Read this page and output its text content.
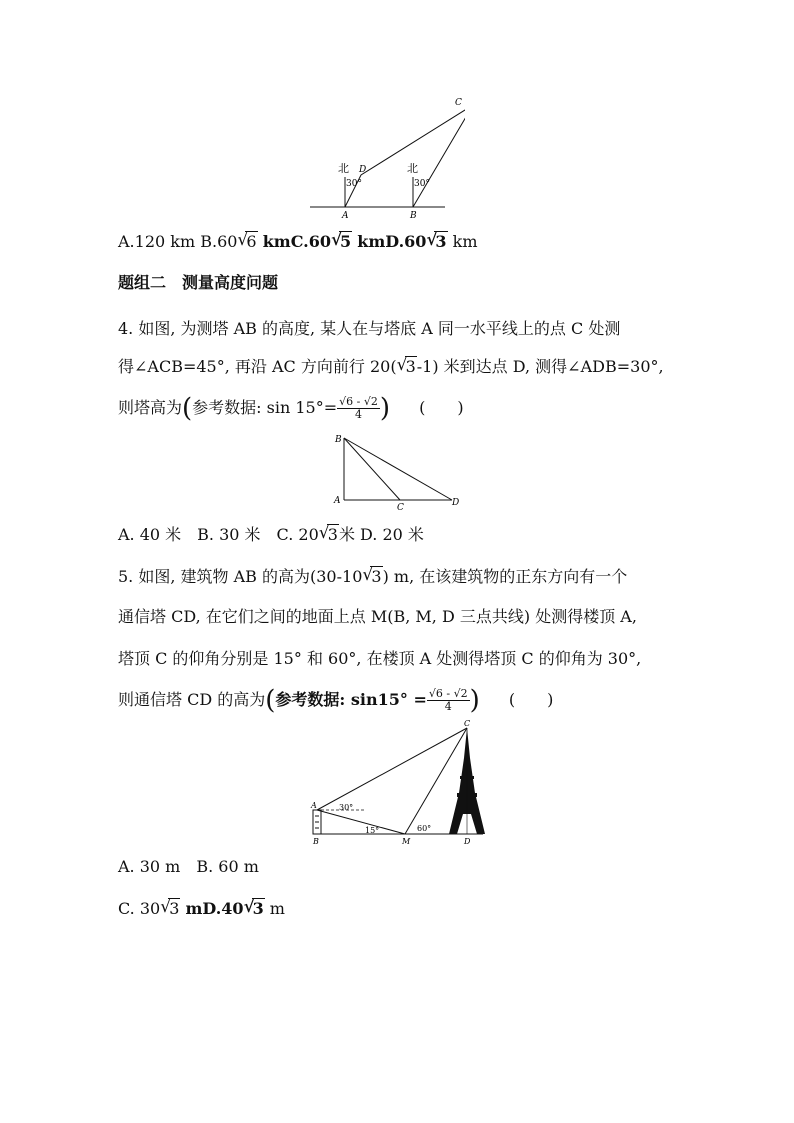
北	北
30°	30°
A	B
C
D
A.120 km B.60 √
6 kmC.60 √
5 kmD.60 √
3 km
题组二　测量高度问题
4. 如图, 为测塔 AB 的高度, 某人在与塔底 A 同一水平线上的点 C 处测
得∠ACB=45°, 再沿 AC 方向前行 20( √
3-1) 米到达点 D, 测得∠ADB=30°,
则塔高为(参考数据: $\sin 15^\circ= \frac{√6 - √2}{4}$ ) (　　)
B
A
C	D
A. 40 米　B. 30 米　C. 20 √
3米 D. 20 米
5. 如图, 建筑物 AB 的高为(30-10 √
3) m, 在该建筑物的正东方向有一个
通信塔 CD, 在它们之间的地面上点 M(B, M, D 三点共线) 处测得楼顶 A,
塔顶 C 的仰角分别是 15° 和 60°, 在楼顶 A 处测得塔顶 C 的仰角为 30°,
则通信塔 CD 的高为(参考数据: $\sin 15^\circ = \frac{√6 - √2}{4}$ ) (　　)
C
A
B	M	D
30°
15°	60°
A. 30 m　B. 60 m
C. 30 √
3 mD.40 √
3 m
